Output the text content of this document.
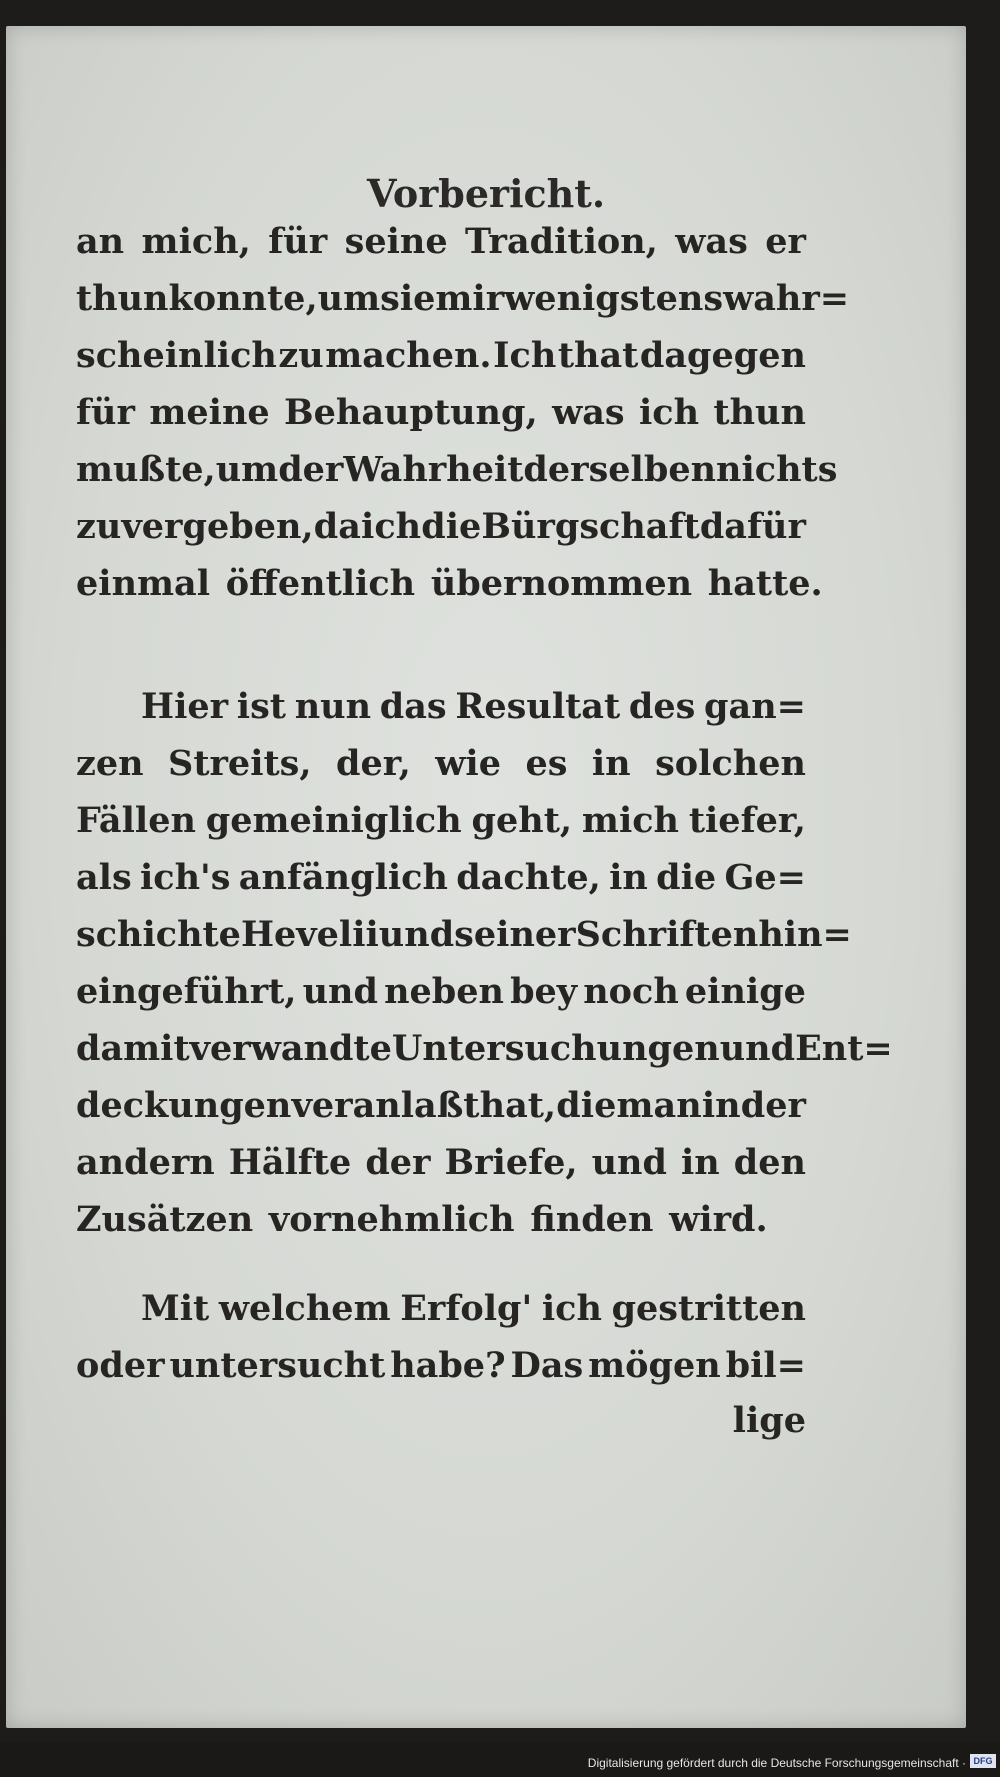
Vorbericht.
an mich, für seine Tradition, was er
thun konnte, um sie mir wenigstens wahr=
scheinlich zu machen. Ich that dagegen
für meine Behauptung, was ich thun
mußte, um der Wahrheit derselben nichts
zu vergeben, da ich die Bürgschaft dafür
einmal öffentlich übernommen hatte.
Hier ist nun das Resultat des gan=
zen Streits, der, wie es in solchen
Fällen gemeiniglich geht, mich tiefer,
als ich's anfänglich dachte, in die Ge=
schichte Hevelii und seiner Schriften hin=
eingeführt, und neben bey noch einige
damit verwandte Untersuchungen und Ent=
deckungen veranlaßt hat, die man in der
andern Hälfte der Briefe, und in den
Zusätzen vornehmlich finden wird.
Mit welchem Erfolg' ich gestritten
oder untersucht habe? Das mögen bil=
lige
Digitalisierung gefördert durch die Deutsche Forschungsgemeinschaft · DFG
